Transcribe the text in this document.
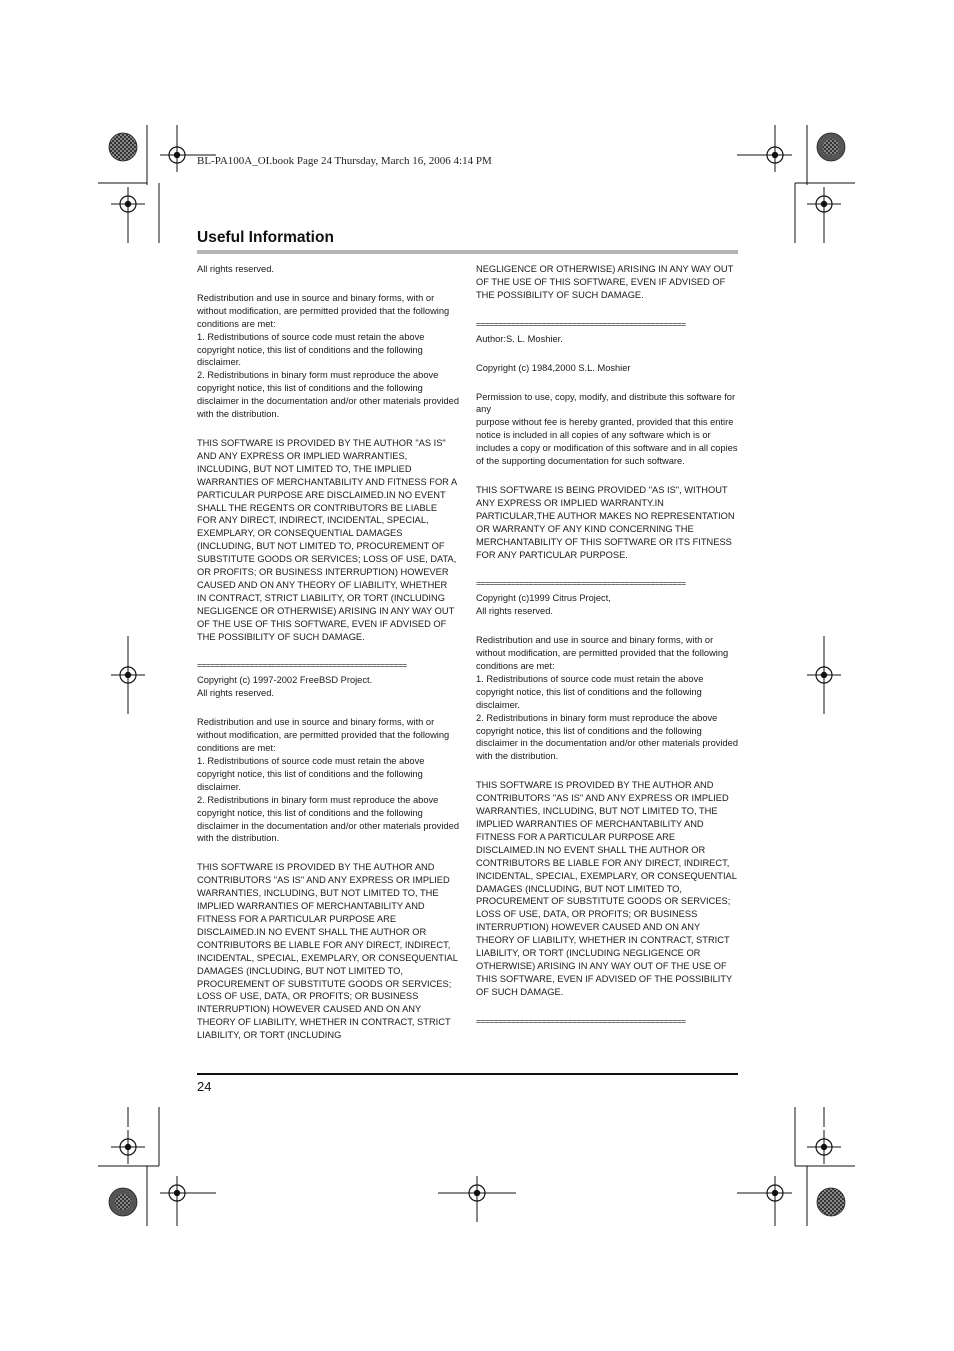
BL-PA100A_OI.book Page 24 Thursday, March 16, 2006 4:14 PM
Useful Information

All rights reserved.

Redistribution and use in source and binary forms, with or without modification, are permitted provided that the following conditions are met:
1. Redistributions of source code must retain the above copyright notice, this list of conditions and the following disclaimer.
2. Redistributions in binary form must reproduce the above copyright notice, this list of conditions and the following disclaimer in the documentation and/or other materials provided with the distribution.

THIS SOFTWARE IS PROVIDED BY THE AUTHOR "AS IS" AND ANY EXPRESS OR IMPLIED WARRANTIES, INCLUDING, BUT NOT LIMITED TO, THE IMPLIED WARRANTIES OF MERCHANTABILITY AND FITNESS FOR A PARTICULAR PURPOSE ARE DISCLAIMED.IN NO EVENT SHALL THE REGENTS OR CONTRIBUTORS BE LIABLE FOR ANY DIRECT, INDIRECT, INCIDENTAL, SPECIAL, EXEMPLARY, OR CONSEQUENTIAL DAMAGES (INCLUDING, BUT NOT LIMITED TO, PROCUREMENT OF SUBSTITUTE GOODS OR SERVICES; LOSS OF USE, DATA, OR PROFITS; OR BUSINESS INTERRUPTION) HOWEVER CAUSED AND ON ANY THEORY OF LIABILITY, WHETHER IN CONTRACT, STRICT LIABILITY, OR TORT (INCLUDING NEGLIGENCE OR OTHERWISE) ARISING IN ANY WAY OUT OF THE USE OF THIS SOFTWARE, EVEN IF ADVISED OF THE POSSIBILITY OF SUCH DAMAGE.

================================================

Copyright (c) 1997-2002 FreeBSD Project.
All rights reserved.

Redistribution and use in source and binary forms, with or without modification, are permitted provided that the following conditions are met:
1. Redistributions of source code must retain the above copyright notice, this list of conditions and the following disclaimer.
2. Redistributions in binary form must reproduce the above copyright notice, this list of conditions and the following disclaimer in the documentation and/or other materials provided with the distribution.

THIS SOFTWARE IS PROVIDED BY THE AUTHOR AND CONTRIBUTORS "AS IS" AND ANY EXPRESS OR IMPLIED WARRANTIES, INCLUDING, BUT NOT LIMITED TO, THE IMPLIED WARRANTIES OF MERCHANTABILITY AND FITNESS FOR A PARTICULAR PURPOSE ARE DISCLAIMED.IN NO EVENT SHALL THE AUTHOR OR CONTRIBUTORS BE LIABLE FOR ANY DIRECT, INDIRECT, INCIDENTAL, SPECIAL, EXEMPLARY, OR CONSEQUENTIAL DAMAGES (INCLUDING, BUT NOT LIMITED TO, PROCUREMENT OF SUBSTITUTE GOODS OR SERVICES; LOSS OF USE, DATA, OR PROFITS; OR BUSINESS INTERRUPTION) HOWEVER CAUSED AND ON ANY THEORY OF LIABILITY, WHETHER IN CONTRACT, STRICT LIABILITY, OR TORT (INCLUDING

NEGLIGENCE OR OTHERWISE) ARISING IN ANY WAY OUT OF THE USE OF THIS SOFTWARE, EVEN IF ADVISED OF THE POSSIBILITY OF SUCH DAMAGE.

================================================

Author:S. L. Moshier.

Copyright (c) 1984,2000 S.L. Moshier

Permission to use, copy, modify, and distribute this software for any
purpose without fee is hereby granted, provided that this entire notice is included in all copies of any software which is or includes a copy or modification of this software and in all copies of the supporting documentation for such software.

THIS SOFTWARE IS BEING PROVIDED "AS IS", WITHOUT ANY EXPRESS OR IMPLIED WARRANTY.IN PARTICULAR,THE AUTHOR MAKES NO REPRESENTATION OR WARRANTY OF ANY KIND CONCERNING THE MERCHANTABILITY OF THIS SOFTWARE OR ITS FITNESS FOR ANY PARTICULAR PURPOSE.

================================================

Copyright (c)1999 Citrus Project,
All rights reserved.

Redistribution and use in source and binary forms, with or without modification, are permitted provided that the following conditions are met:
1. Redistributions of source code must retain the above copyright notice, this list of conditions and the following disclaimer.
2. Redistributions in binary form must reproduce the above copyright notice, this list of conditions and the following disclaimer in the documentation and/or other materials provided with the distribution.

THIS SOFTWARE IS PROVIDED BY THE AUTHOR AND CONTRIBUTORS "AS IS" AND ANY EXPRESS OR IMPLIED WARRANTIES, INCLUDING, BUT NOT LIMITED TO, THE IMPLIED WARRANTIES OF MERCHANTABILITY AND FITNESS FOR A PARTICULAR PURPOSE ARE DISCLAIMED.IN NO EVENT SHALL THE AUTHOR OR CONTRIBUTORS BE LIABLE FOR ANY DIRECT, INDIRECT, INCIDENTAL, SPECIAL, EXEMPLARY, OR CONSEQUENTIAL DAMAGES (INCLUDING, BUT NOT LIMITED TO, PROCUREMENT OF SUBSTITUTE GOODS OR SERVICES; LOSS OF USE, DATA, OR PROFITS; OR BUSINESS INTERRUPTION) HOWEVER CAUSED AND ON ANY THEORY OF LIABILITY, WHETHER IN CONTRACT, STRICT LIABILITY, OR TORT (INCLUDING NEGLIGENCE OR OTHERWISE) ARISING IN ANY WAY OUT OF THE USE OF THIS SOFTWARE, EVEN IF ADVISED OF THE POSSIBILITY OF SUCH DAMAGE.

================================================
24
